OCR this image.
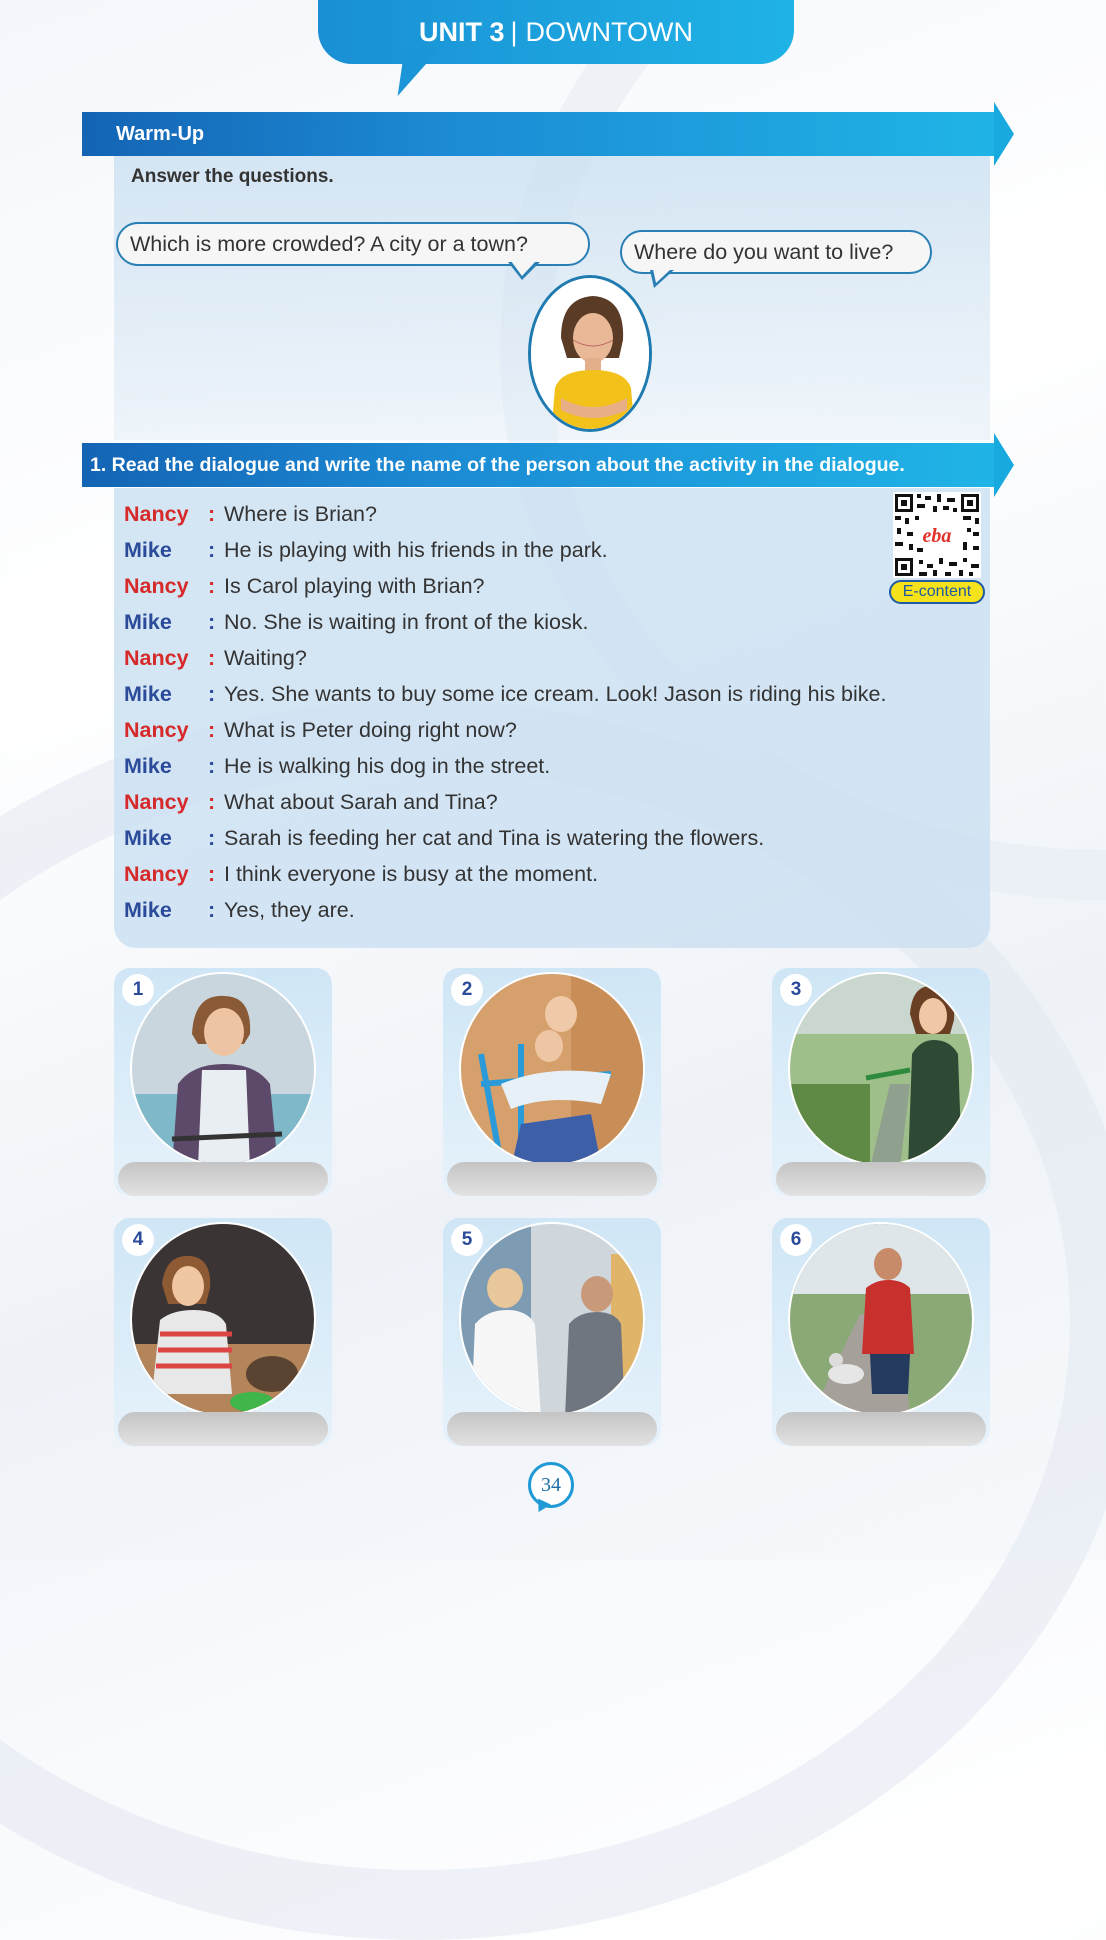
UNIT 3 | DOWNTOWN
Warm-Up
Answer the questions.
Which is more crowded? A city or a town?	Where do you want to live?
1. Read the dialogue and write the name of the person about the activity in the dialogue.
eba
E-content
Nancy : Where is Brian?
Mike	: He is playing with his friends in the park.
Nancy : Is Carol playing with Brian?
Mike	: No. She is waiting in front of the kiosk.
Nancy : Waiting?
Mike	: Yes. She wants to buy some ice cream. Look! Jason is riding his bike.
Nancy : What is Peter doing right now?
Mike	: He is walking his dog in the street.
Nancy : What about Sarah and Tina?
Mike	: Sarah is feeding her cat and Tina is watering the flowers.
Nancy : I think everyone is busy at the moment.
Mike	: Yes, they are.
1	2	3
4	5	6
34
